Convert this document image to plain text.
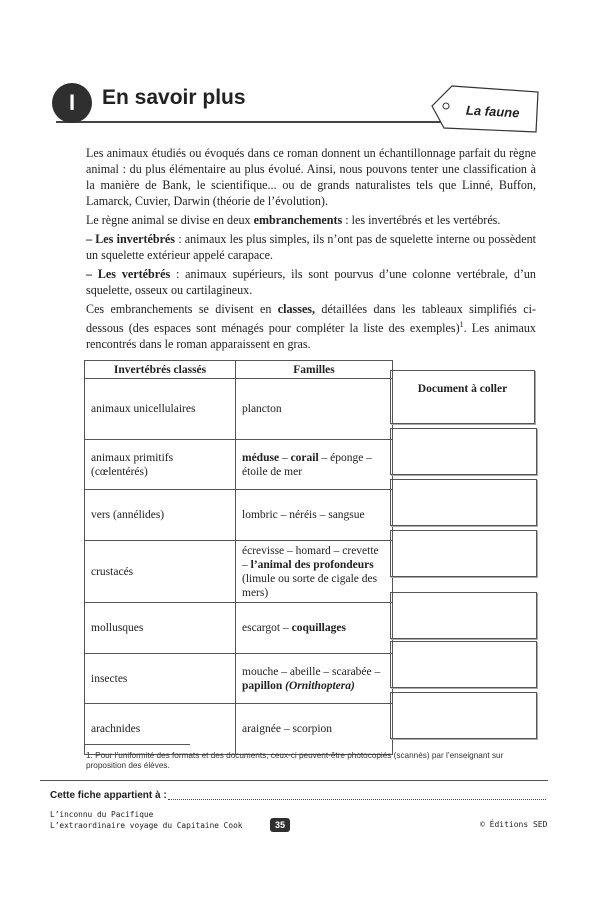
I	En savoir plus
La faune

Les animaux étudiés ou évoqués dans ce roman donnent un échantillonnage parfait du règne animal : du plus élémentaire au plus évolué. Ainsi, nous pouvons tenter une classification à la manière de Bank, le scientifique... ou de grands naturalistes tels que Linné, Buffon, Lamarck, Cuvier, Darwin (théorie de l’évolution).

Le règne animal se divise en deux embranchements : les invertébrés et les vertébrés.

– Les invertébrés : animaux les plus simples, ils n’ont pas de squelette interne ou possèdent un squelette extérieur appelé carapace.

– Les vertébrés : animaux supérieurs, ils sont pourvus d’une colonne vertébrale, d’un squelette, osseux ou cartilagineux.

Ces embranchements se divisent en classes, détaillées dans les tableaux simplifiés ci-dessous (des espaces sont ménagés pour compléter la liste des exemples)$^1$. Les animaux rencontrés dans le roman apparaissent en gras.

Invertébrés classés	Familles
animaux unicellulaires	plancton
animaux primitifs (cœlentérés)	méduse – corail – éponge – étoile de mer
vers (annélides)	lombric – néréis – sangsue
crustacés	écrevisse – homard – crevette – l’animal des profondeurs (limule ou sorte de cigale des mers)
mollusques	escargot – coquillages
insectes	mouche – abeille – scarabée – papillon (Ornithoptera)
arachnides	araignée – scorpion
Document à coller
1. Pour l’uniformité des formats et des documents, ceux-ci peuvent-être photocopiés (scannés) par l’enseignant sur proposition des élèves.
Cette fiche appartient à :
L’inconnu du Pacifique
L’extraordinaire voyage du Capitaine Cook	35	© Éditions SED
